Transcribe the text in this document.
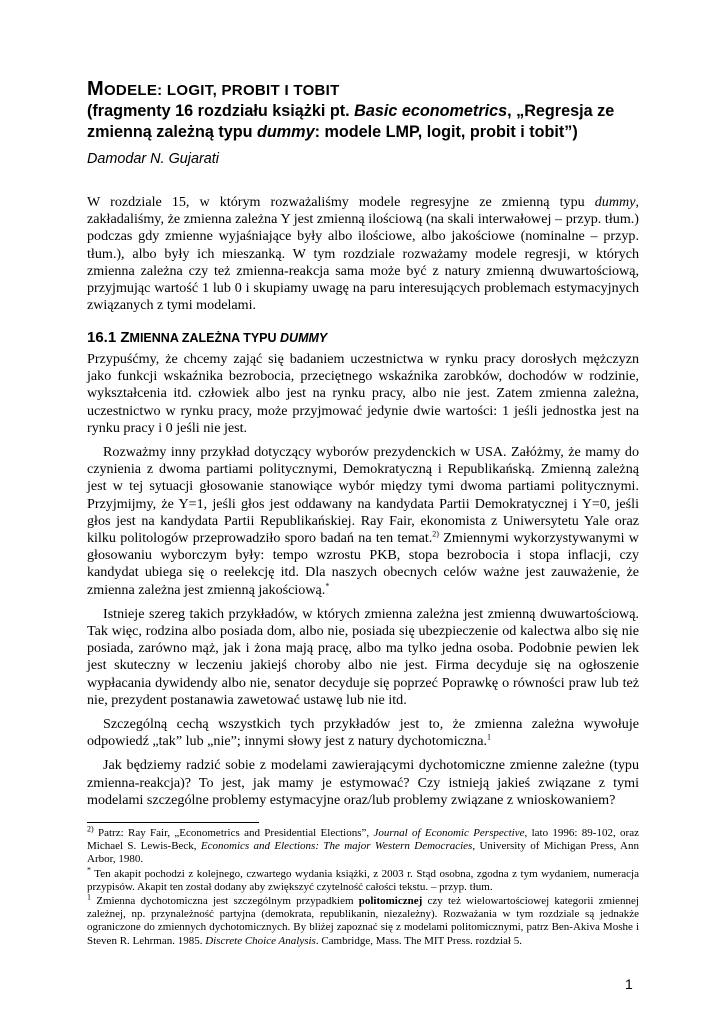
MODELE: LOGIT, PROBIT I TOBIT
(fragmenty 16 rozdziału książki pt. Basic econometrics, „Regresja ze zmienną zależną typu dummy: modele LMP, logit, probit i tobit”)

Damodar N. Gujarati

W rozdziale 15, w którym rozważaliśmy modele regresyjne ze zmienną typu dummy, zakładaliśmy, że zmienna zależna Y jest zmienną ilościową (na skali interwałowej – przyp. tłum.) podczas gdy zmienne wyjaśniające były albo ilościowe, albo jakościowe (nominalne – przyp. tłum.), albo były ich mieszanką. W tym rozdziale rozważamy modele regresji, w których zmienna zależna czy też zmienna-reakcja sama może być z natury zmienną dwuwartościową, przyjmując wartość 1 lub 0 i skupiamy uwagę na paru interesujących problemach estymacyjnych związanych z tymi modelami.

16.1 ZMIENNA ZALEŻNA TYPU DUMMY

Przypuśćmy, że chcemy zająć się badaniem uczestnictwa w rynku pracy dorosłych mężczyzn jako funkcji wskaźnika bezrobocia, przeciętnego wskaźnika zarobków, dochodów w rodzinie, wykształcenia itd. człowiek albo jest na rynku pracy, albo nie jest. Zatem zmienna zależna, uczestnictwo w rynku pracy, może przyjmować jedynie dwie wartości: 1 jeśli jednostka jest na rynku pracy i 0 jeśli nie jest.

Rozważmy inny przykład dotyczący wyborów prezydenckich w USA. Załóżmy, że mamy do czynienia z dwoma partiami politycznymi, Demokratyczną i Republikańską. Zmienną zależną jest w tej sytuacji głosowanie stanowiące wybór między tymi dwoma partiami politycznymi. Przyjmijmy, że Y=1, jeśli głos jest oddawany na kandydata Partii Demokratycznej i Y=0, jeśli głos jest na kandydata Partii Republikańskiej. Ray Fair, ekonomista z Uniwersytetu Yale oraz kilku politologów przeprowadziło sporo badań na ten temat.$^{2)}$ Zmiennymi wykorzystywanymi w głosowaniu wyborczym były: tempo wzrostu PKB, stopa bezrobocia i stopa inflacji, czy kandydat ubiega się o reelekcję itd. Dla naszych obecnych celów ważne jest zauważenie, że zmienna zależna jest zmienną jakościową.*

Istnieje szereg takich przykładów, w których zmienna zależna jest zmienną dwuwartościową. Tak więc, rodzina albo posiada dom, albo nie, posiada się ubezpieczenie od kalectwa albo się nie posiada, zarówno mąż, jak i żona mają pracę, albo ma tylko jedna osoba. Podobnie pewien lek jest skuteczny w leczeniu jakiejś choroby albo nie jest. Firma decyduje się na ogłoszenie wypłacania dywidendy albo nie, senator decyduje się poprzeć Poprawkę o równości praw lub też nie, prezydent postanawia zawetować ustawę lub nie itd.

Szczególną cechą wszystkich tych przykładów jest to, że zmienna zależna wywołuje odpowiedź „tak” lub „nie”; innymi słowy jest z natury dychotomiczna.$^1$

Jak będziemy radzić sobie z modelami zawierającymi dychotomiczne zmienne zależne (typu zmienna-reakcja)? To jest, jak mamy je estymować? Czy istnieją jakieś związane z tymi modelami szczególne problemy estymacyjne oraz/lub problemy związane z wnioskowaniem?

$^{2)}$ Patrz: Ray Fair, „Econometrics and Presidential Elections”, Journal of Economic Perspective, lato 1996: 89-102, oraz Michael S. Lewis-Beck, Economics and Elections: The major Western Democracies, University of Michigan Press, Ann Arbor, 1980.

* Ten akapit pochodzi z kolejnego, czwartego wydania książki, z 2003 r. Stąd osobna, zgodna z tym wydaniem, numeracja przypisów. Akapit ten został dodany aby zwiększyć czytelność całości tekstu. – przyp. tłum.

$^1$ Zmienna dychotomiczna jest szczególnym przypadkiem politomicznej czy też wielowartościowej kategorii zmiennej zależnej, np. przynależność partyjna (demokrata, republikanin, niezależny). Rozważania w tym rozdziale są jednakże ograniczone do zmiennych dychotomicznych. By bliżej zapoznać się z modelami politomicznymi, patrz Ben-Akiva Moshe i Steven R. Lehrman. 1985. Discrete Choice Analysis. Cambridge, Mass. The MIT Press. rozdział 5.

1
